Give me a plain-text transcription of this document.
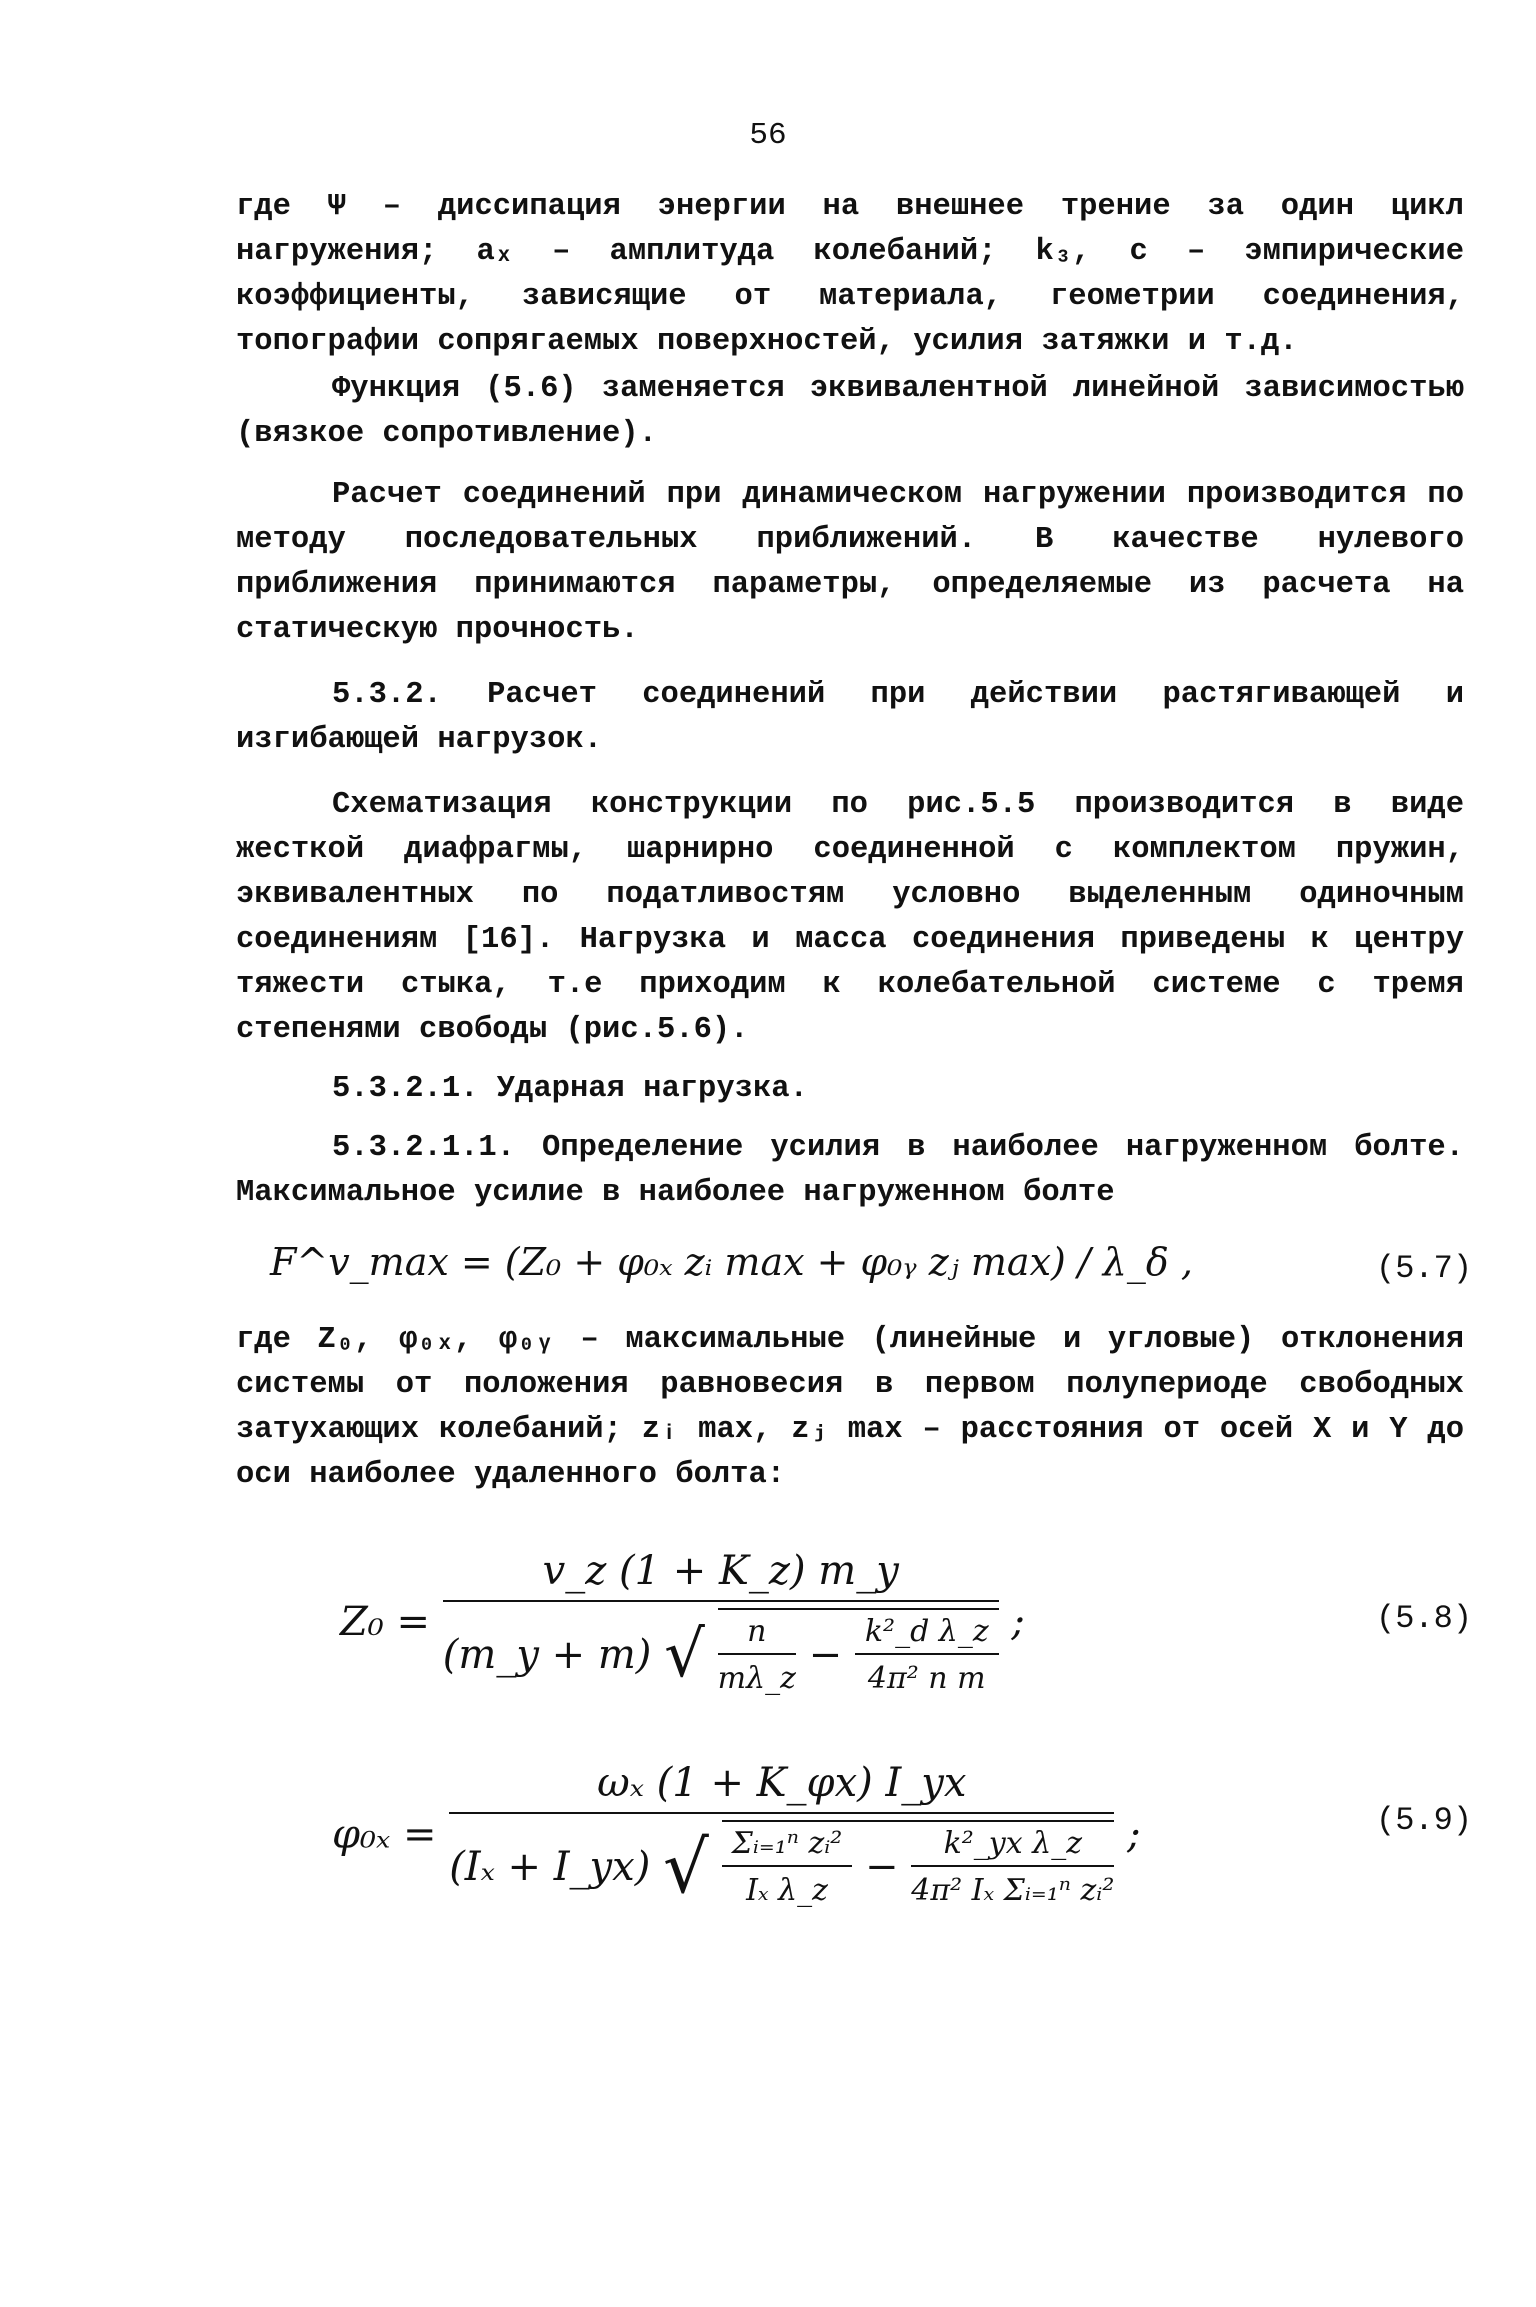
56

где Ψ – диссипация энергии на внешнее трение за один цикл нагружения; aₓ – амплитуда колебаний; k₃, c – эмпирические коэффициенты, зависящие от материала, геометрии соединения, топографии сопрягаемых поверхностей, усилия затяжки и т.д.

Функция (5.6) заменяется эквивалентной линейной зависимостью (вязкое сопротивление).

Расчет соединений при динамическом нагружении производится по методу последовательных приближений. В качестве нулевого приближения принимаются параметры, определяемые из расчета на статическую прочность.

5.3.2. Расчет соединений при действии растягивающей и изгибающей нагрузок.

Схематизация конструкции по рис.5.5 производится в виде жесткой диафрагмы, шарнирно соединенной с комплектом пружин, эквивалентных по податливостям условно выделенным одиночным соединениям [16]. Нагрузка и масса соединения приведены к центру тяжести стыка, т.е приходим к колебательной системе с тремя степенями свободы (рис.5.6).

5.3.2.1. Ударная нагрузка.

5.3.2.1.1. Определение усилия в наиболее нагруженном болте. Максимальное усилие в наиболее нагруженном болте

F^v_max = (Z₀ + φ₀ₓ zᵢ max + φ₀ᵧ zⱼ max) / λ_δ ,	(5.7)

где Z₀, φ₀ₓ, φ₀ᵧ – максимальные (линейные и угловые) отклонения системы от положения равновесия в первом полупериоде свободных затухающих колебаний; zᵢ max, zⱼ max – расстояния от осей X и Y до оси наиболее удаленного болта:

Z₀ =
v_z (1 + K_z) m_y
(m_y + m) √ $\frac{n}{m\lambda\_z} - \frac{\text{k²\_d λ\_z}}{\text{4π² n m}}$ ;	(5.8)
φ₀ₓ =
ωₓ (1 + K_φx) I_yx
(Iₓ + I_yx) √ $\frac{\text{Σᵢ₌₁ⁿ zᵢ²}}{\text{Iₓ λ\_z}} - \frac{\text{k²\_yx λ\_z}}{\text{4π² Iₓ Σᵢ₌₁ⁿ zᵢ²}}$ ;	(5.9)
